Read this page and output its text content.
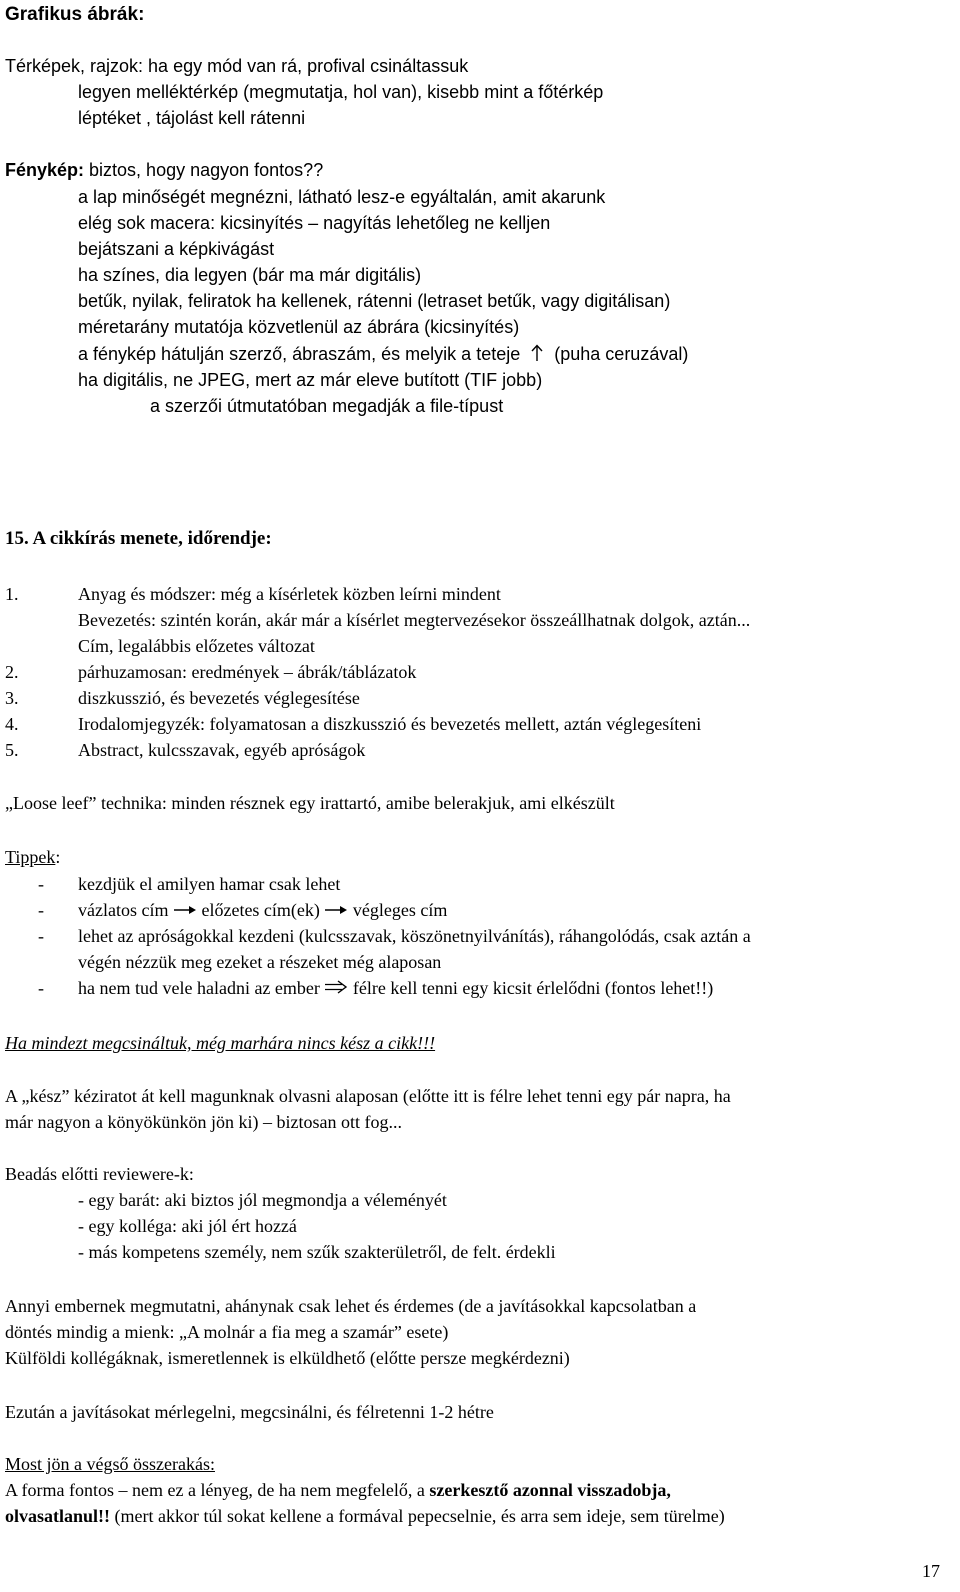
Grafikus ábrák:
Térképek, rajzok: ha egy mód van rá, profival csináltassuk
legyen melléktérkép (megmutatja, hol van), kisebb mint a főtérkép
léptéket , tájolást kell rátenni
Fénykép: biztos, hogy nagyon fontos??
a lap minőségét megnézni, látható lesz-e egyáltalán, amit akarunk
elég sok macera: kicsinyítés – nagyítás lehetőleg ne kelljen
bejátszani a képkivágást
ha színes, dia legyen (bár ma már digitális)
betűk, nyilak, feliratok ha kellenek, rátenni (letraset betűk, vagy digitálisan)
méretarány mutatója közvetlenül az ábrára (kicsinyítés)
a fénykép hátulján szerző, ábraszám, és melyik a teteje (puha ceruzával)
ha digitális, ne JPEG, mert az már eleve butított (TIF jobb)
a szerzői útmutatóban megadják a file-típust
15. A cikkírás menete, időrendje:
1.	Anyag és módszer: még a kísérletek közben leírni mindent
Bevezetés: szintén korán, akár már a kísérlet megtervezésekor összeállhatnak dolgok, aztán...
Cím, legalábbis előzetes változat
2.	párhuzamosan: eredmények – ábrák/táblázatok
3.	diszkusszió, és bevezetés véglegesítése
4.	Irodalomjegyzék: folyamatosan a diszkusszió és bevezetés mellett, aztán véglegesíteni
5.	Abstract, kulcsszavak, egyéb apróságok
„Loose leef” technika: minden résznek egy irattartó, amibe belerakjuk, ami elkészült
Tippek:
- kezdjük el amilyen hamar csak lehet
- vázlatos cím előzetes cím(ek) végleges cím
- lehet az apróságokkal kezdeni (kulcsszavak, köszönetnyilvánítás), ráhangolódás, csak aztán a
végén nézzük meg ezeket a részeket még alaposan
- ha nem tud vele haladni az ember félre kell tenni egy kicsit érlelődni (fontos lehet!!)
Ha mindezt megcsináltuk, még marhára nincs kész a cikk!!!
A „kész” kéziratot át kell magunknak olvasni alaposan (előtte itt is félre lehet tenni egy pár napra, ha
már nagyon a könyökünkön jön ki) – biztosan ott fog...
Beadás előtti reviewere-k:
- egy barát: aki biztos jól megmondja a véleményét
- egy kolléga: aki jól ért hozzá
- más kompetens személy, nem szűk szakterületről, de felt. érdekli
Annyi embernek megmutatni, ahánynak csak lehet és érdemes (de a javításokkal kapcsolatban a
döntés mindig a mienk: „A molnár a fia meg a szamár” esete)
Külföldi kollégáknak, ismeretlennek is elküldhető (előtte persze megkérdezni)
Ezután a javításokat mérlegelni, megcsinálni, és félretenni 1-2 hétre
Most jön a végső összerakás:
A forma fontos – nem ez a lényeg, de ha nem megfelelő, a szerkesztő azonnal visszadobja,
olvasatlanul!! (mert akkor túl sokat kellene a formával pepecselnie, és arra sem ideje, sem türelme)
17
